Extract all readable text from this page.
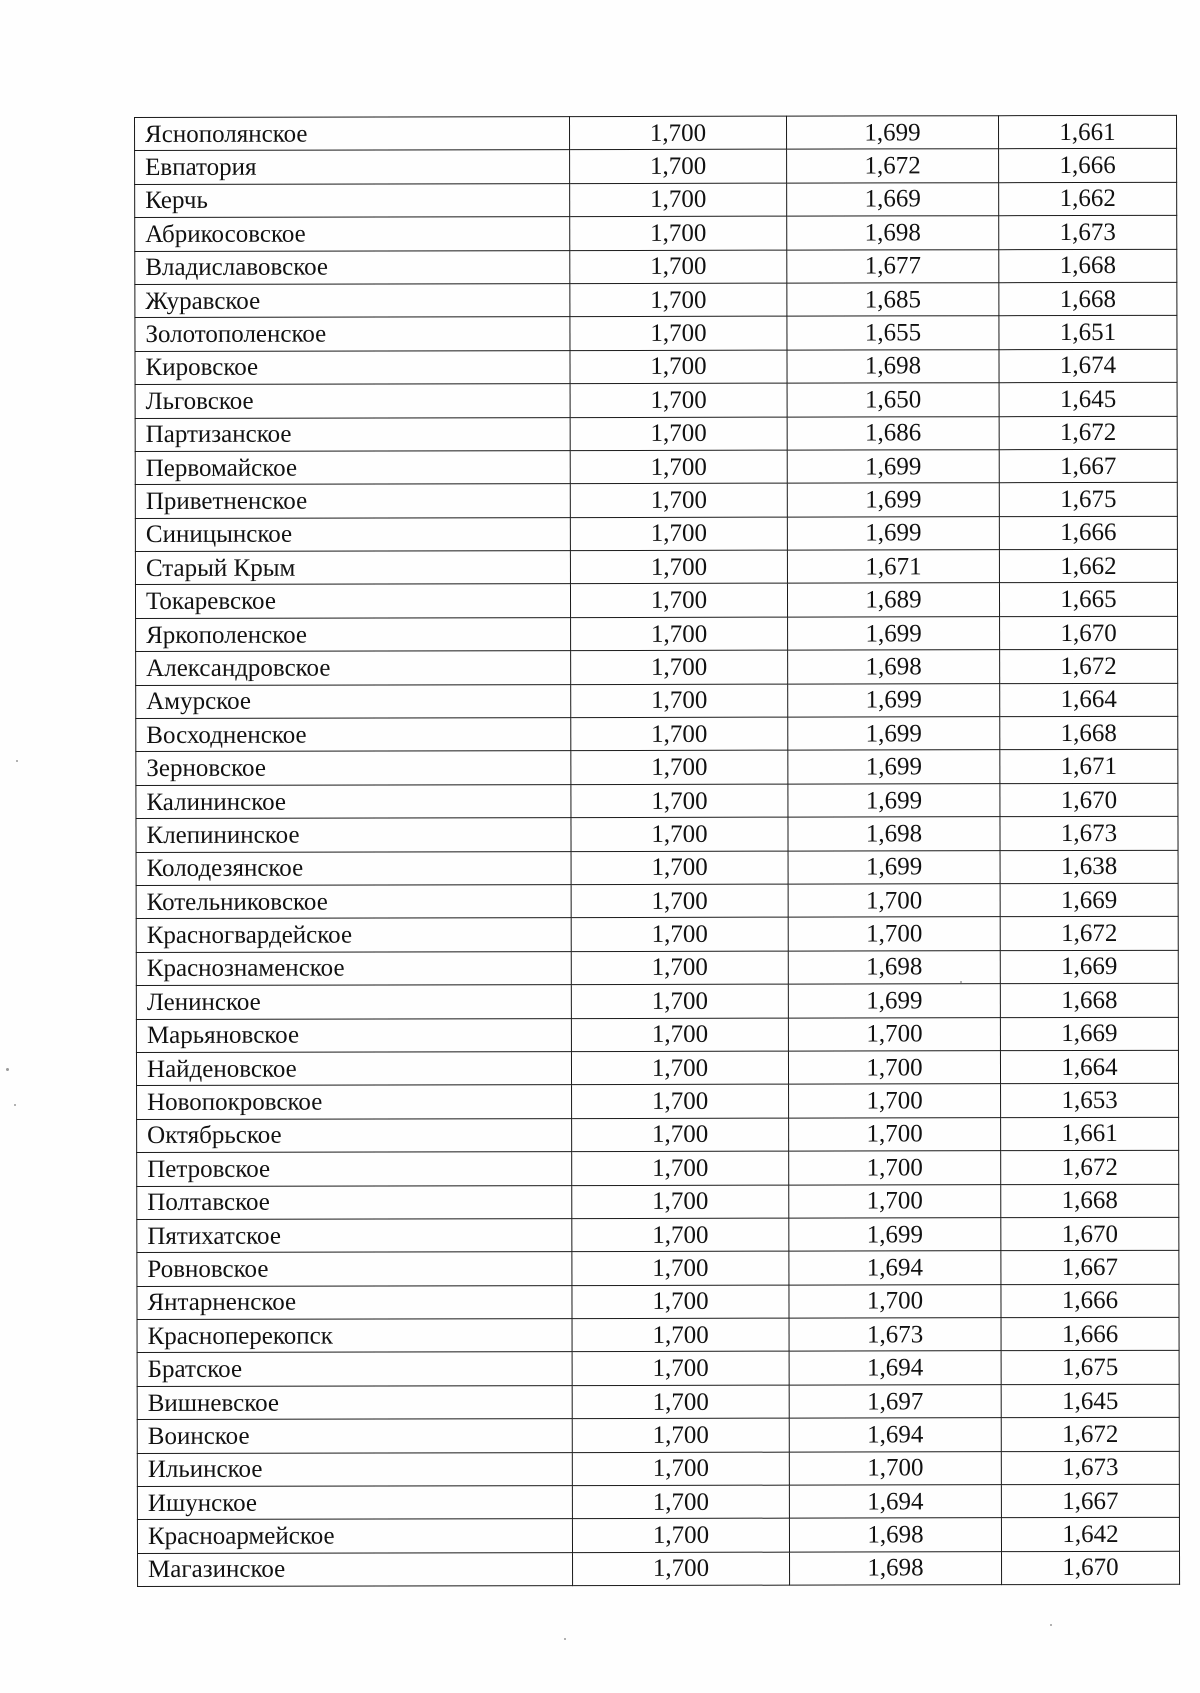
Яснополянское	1,700	1,699	1,661
Евпатория	1,700	1,672	1,666
Керчь	1,700	1,669	1,662
Абрикосовское	1,700	1,698	1,673
Владиславовское	1,700	1,677	1,668
Журавское	1,700	1,685	1,668
Золотополенское	1,700	1,655	1,651
Кировское	1,700	1,698	1,674
Льговское	1,700	1,650	1,645
Партизанское	1,700	1,686	1,672
Первомайское	1,700	1,699	1,667
Приветненское	1,700	1,699	1,675
Синицынское	1,700	1,699	1,666
Старый Крым	1,700	1,671	1,662
Токаревское	1,700	1,689	1,665
Яркополенское	1,700	1,699	1,670
Александровское	1,700	1,698	1,672
Амурское	1,700	1,699	1,664
Восходненское	1,700	1,699	1,668
Зерновское	1,700	1,699	1,671
Калининское	1,700	1,699	1,670
Клепининское	1,700	1,698	1,673
Колодезянское	1,700	1,699	1,638
Котельниковское	1,700	1,700	1,669
Красногвардейское	1,700	1,700	1,672
Краснознаменское	1,700	1,698	1,669
Ленинское	1,700	1,699	1,668
Марьяновское	1,700	1,700	1,669
Найденовское	1,700	1,700	1,664
Новопокровское	1,700	1,700	1,653
Октябрьское	1,700	1,700	1,661
Петровское	1,700	1,700	1,672
Полтавское	1,700	1,700	1,668
Пятихатское	1,700	1,699	1,670
Ровновское	1,700	1,694	1,667
Янтарненское	1,700	1,700	1,666
Красноперекопск	1,700	1,673	1,666
Братское	1,700	1,694	1,675
Вишневское	1,700	1,697	1,645
Воинское	1,700	1,694	1,672
Ильинское	1,700	1,700	1,673
Ишунское	1,700	1,694	1,667
Красноармейское	1,700	1,698	1,642
Магазинское	1,700	1,698	1,670
